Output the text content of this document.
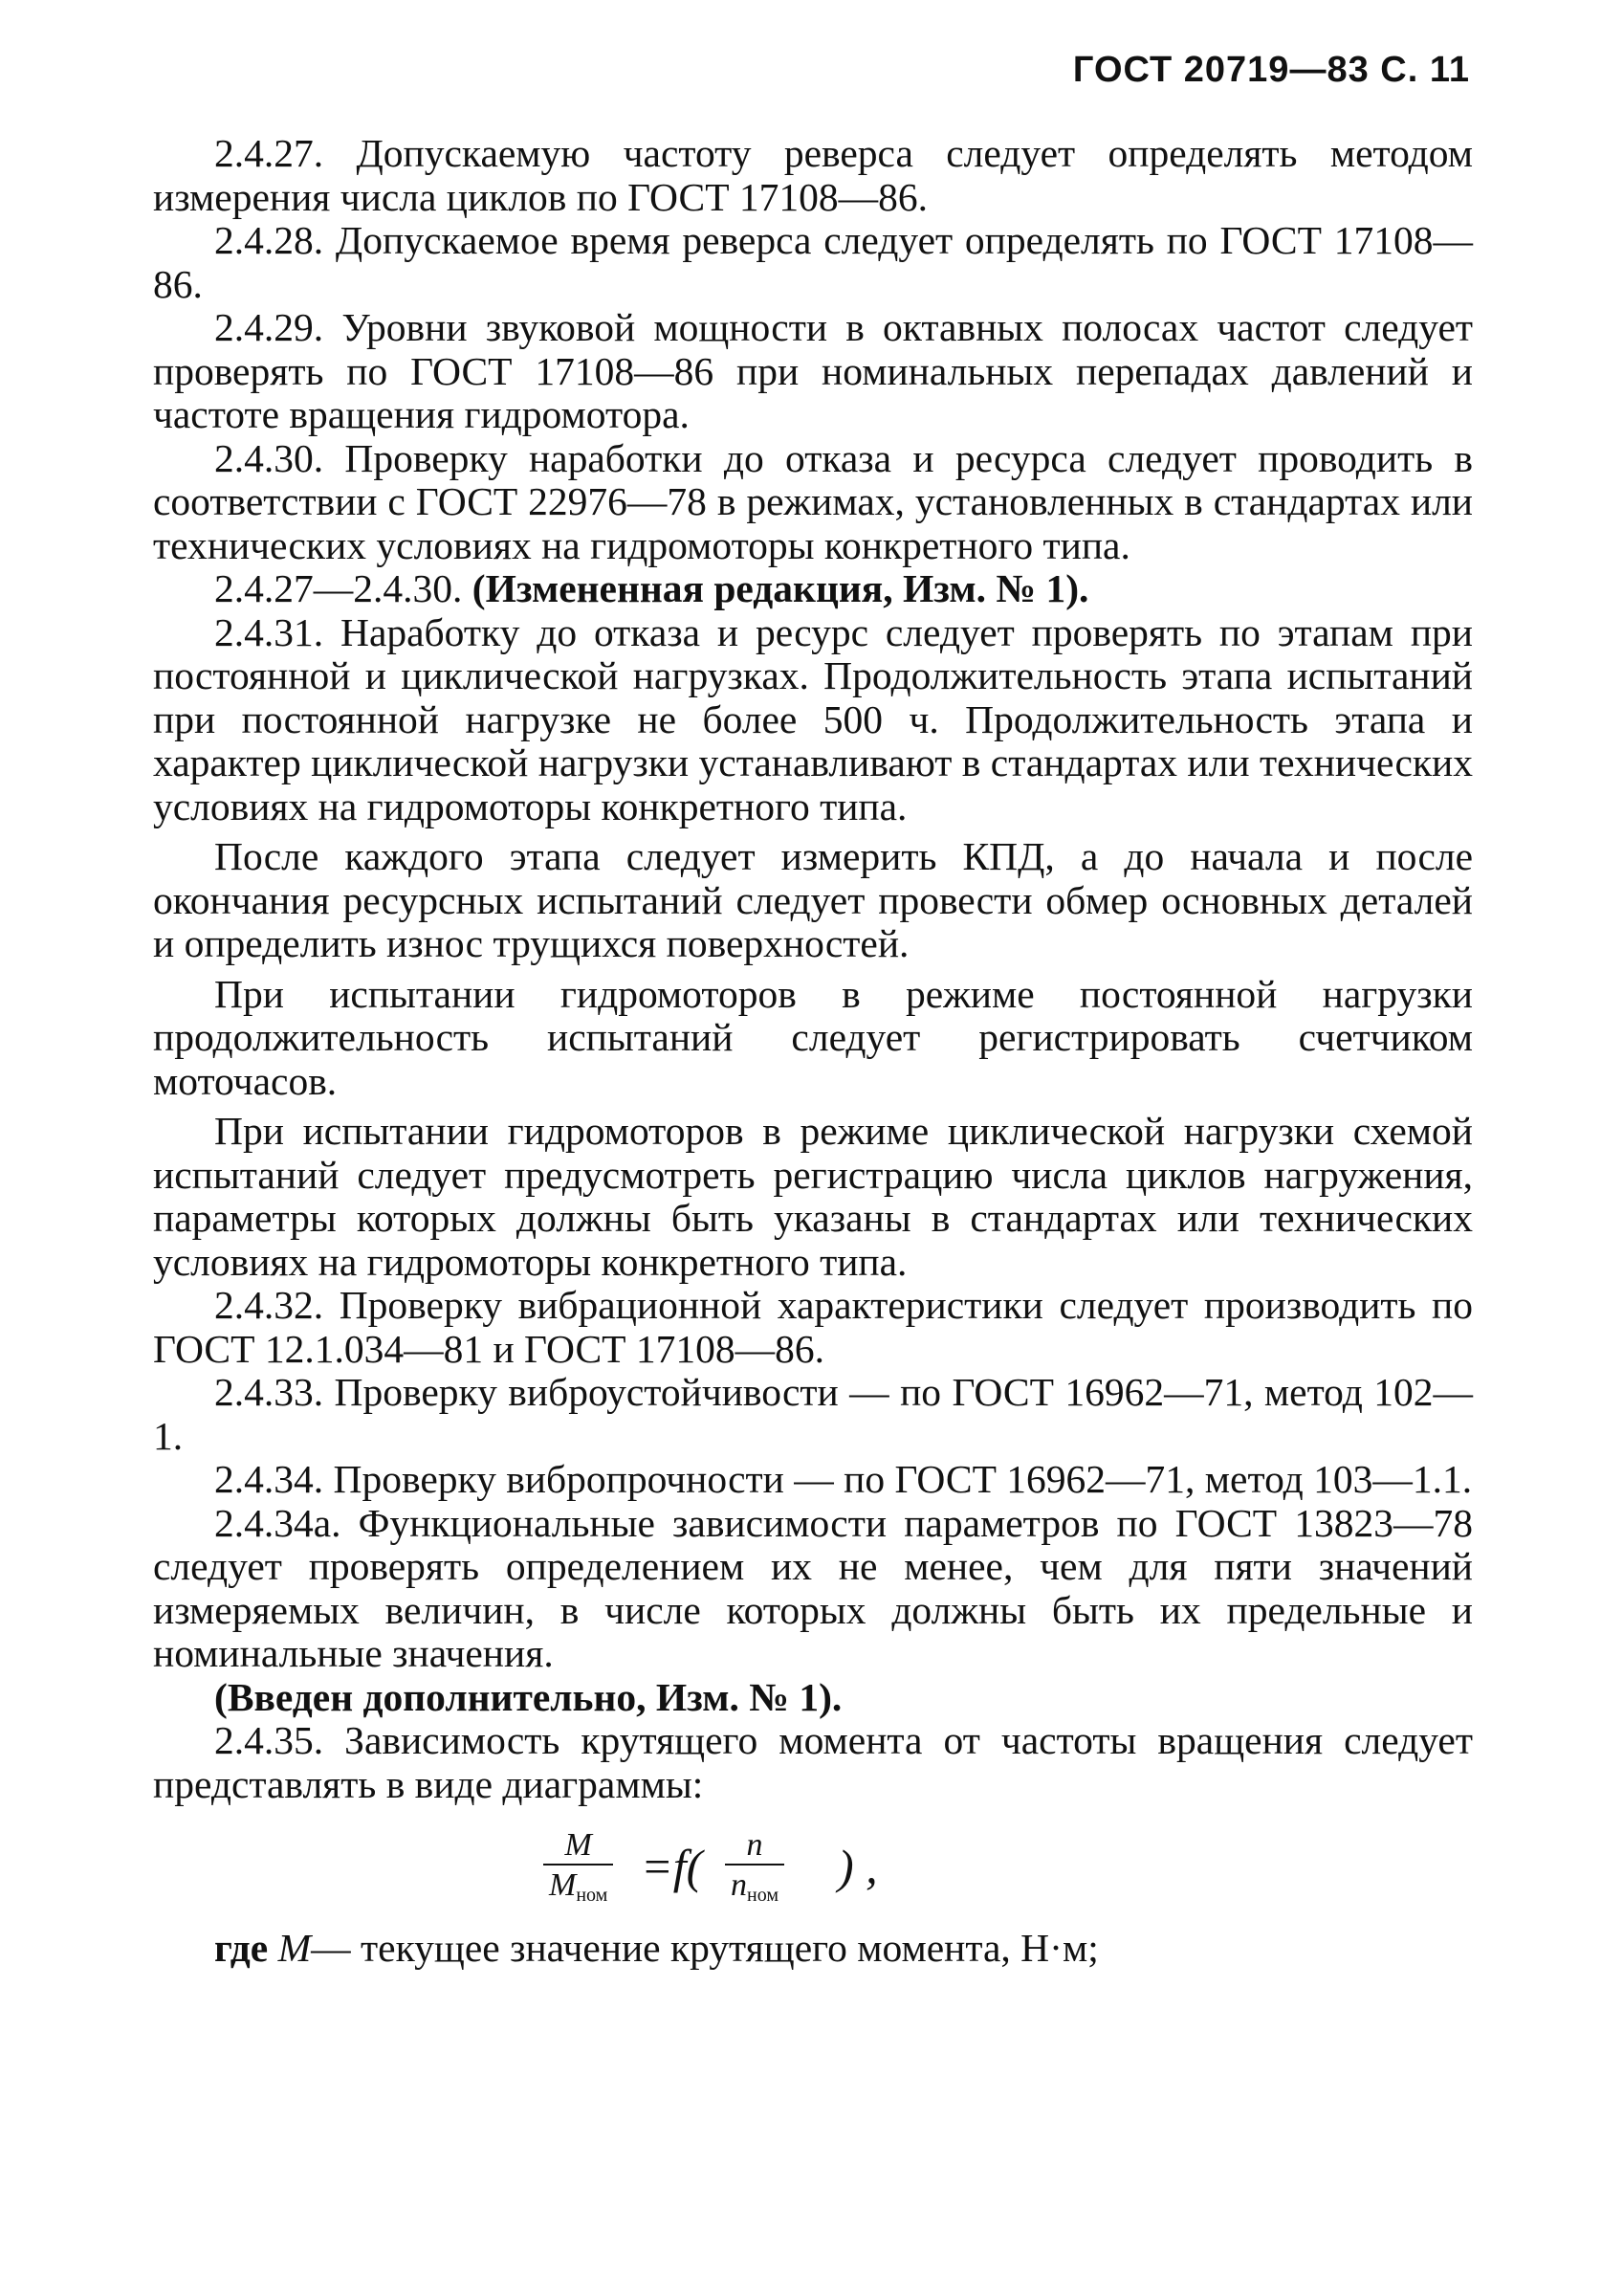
ГОСТ 20719—83 С. 11

2.4.27. Допускаемую частоту реверса следует определять методом измерения числа циклов по ГОСТ 17108—86.

2.4.28. Допускаемое время реверса следует определять по ГОСТ 17108—86.

2.4.29. Уровни звуковой мощности в октавных полосах частот следует проверять по ГОСТ 17108—86 при номинальных перепадах давлений и частоте вращения гидромотора.

2.4.30. Проверку наработки до отказа и ресурса следует проводить в соответствии с ГОСТ 22976—78 в режимах, установленных в стандартах или технических условиях на гидромоторы конкретного типа.

2.4.27—2.4.30. (Измененная редакция, Изм. № 1).

2.4.31. Наработку до отказа и ресурс следует проверять по этапам при постоянной и циклической нагрузках. Продолжительность этапа испытаний при постоянной нагрузке не более 500 ч. Продолжительность этапа и характер циклической нагрузки устанавливают в стандартах или технических условиях на гидромоторы конкретного типа.

После каждого этапа следует измерить КПД, а до начала и после окончания ресурсных испытаний следует провести обмер основных деталей и определить износ трущихся поверхностей.

При испытании гидромоторов в режиме постоянной нагрузки продолжительность испытаний следует регистрировать счетчиком моточасов.

При испытании гидромоторов в режиме циклической нагрузки схемой испытаний следует предусмотреть регистрацию числа циклов нагружения, параметры которых должны быть указаны в стандартах или технических условиях на гидромоторы конкретного типа.

2.4.32. Проверку вибрационной характеристики следует производить по ГОСТ 12.1.034—81 и ГОСТ 17108—86.

2.4.33. Проверку виброустойчивости — по ГОСТ 16962—71, метод 102—1.

2.4.34. Проверку вибропрочности — по ГОСТ 16962—71, метод 103—1.1.

2.4.34а. Функциональные зависимости параметров по ГОСТ 13823—78 следует проверять определением их не менее, чем для пяти значений измеряемых величин, в числе которых должны быть их предельные и номинальные значения.

(Введен дополнительно, Изм. № 1).

2.4.35. Зависимость крутящего момента от частоты вращения следует представлять в виде диаграммы:

M
$M_{ном}$
=f(	n
$n_{ном}$
) ,

где M— текущее значение крутящего момента, Н·м;
